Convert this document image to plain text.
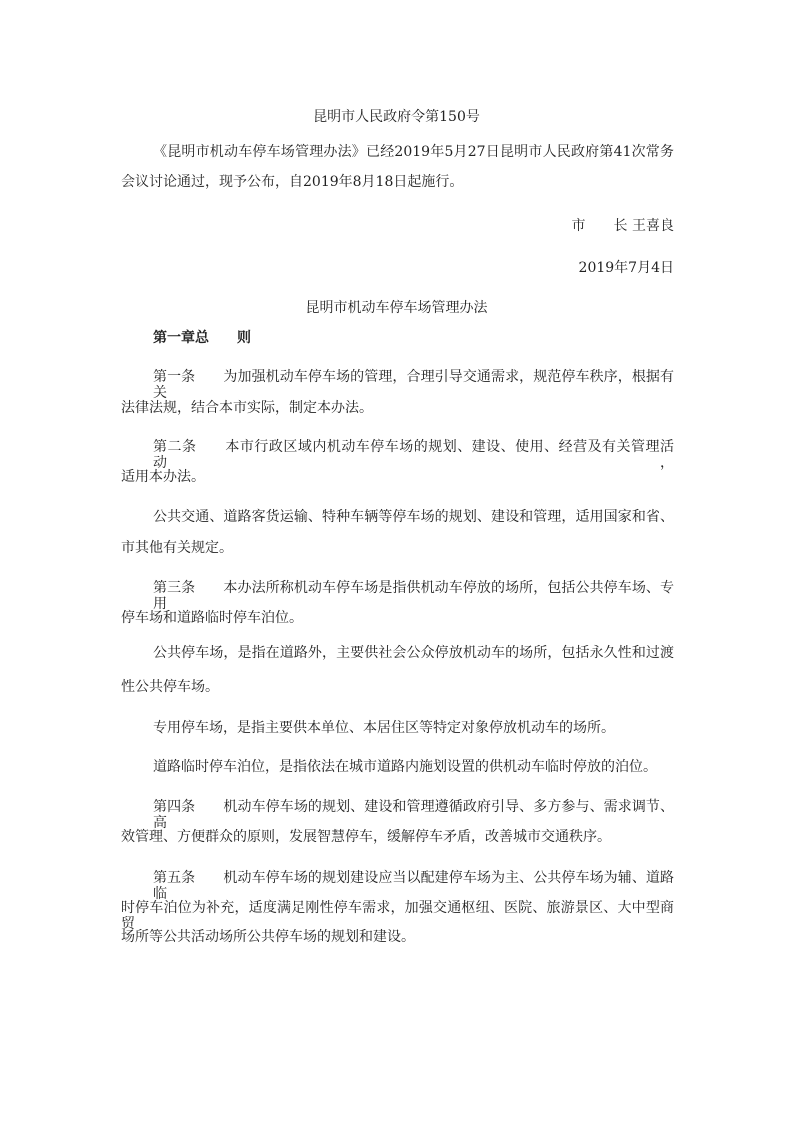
昆明市人民政府令第150号
《昆明市机动车停车场管理办法》已经2019年5月27日昆明市人民政府第41次常务
会议讨论通过，现予公布，自2019年8月18日起施行。
市　　长 王喜良
2019年7月4日
昆明市机动车停车场管理办法
第一章总　　则
第一条　　为加强机动车停车场的管理，合理引导交通需求，规范停车秩序，根据有关
法律法规，结合本市实际，制定本办法。
第二条　　本市行政区域内机动车停车场的规划、建设、使用、经营及有关管理活动，
适用本办法。
公共交通、道路客货运输、特种车辆等停车场的规划、建设和管理，适用国家和省、
市其他有关规定。
第三条　　本办法所称机动车停车场是指供机动车停放的场所，包括公共停车场、专用
停车场和道路临时停车泊位。
公共停车场，是指在道路外，主要供社会公众停放机动车的场所，包括永久性和过渡
性公共停车场。
专用停车场，是指主要供本单位、本居住区等特定对象停放机动车的场所。
道路临时停车泊位，是指依法在城市道路内施划设置的供机动车临时停放的泊位。
第四条　　机动车停车场的规划、建设和管理遵循政府引导、多方参与、需求调节、高
效管理、方便群众的原则，发展智慧停车，缓解停车矛盾，改善城市交通秩序。
第五条　　机动车停车场的规划建设应当以配建停车场为主、公共停车场为辅、道路临
时停车泊位为补充，适度满足刚性停车需求，加强交通枢纽、医院、旅游景区、大中型商贸
场所等公共活动场所公共停车场的规划和建设。
